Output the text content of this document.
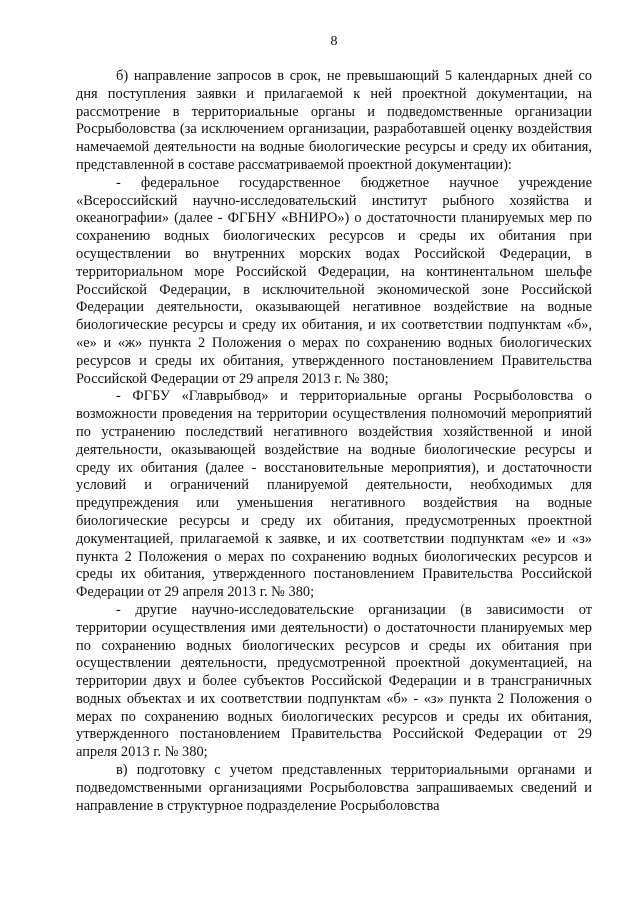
8

б) направление запросов в срок, не превышающий 5 календарных дней со дня поступления заявки и прилагаемой к ней проектной документации, на рассмотрение в территориальные органы и подведомственные организации Росрыболовства (за исключением организации, разработавшей оценку воздействия намечаемой деятельности на водные биологические ресурсы и среду их обитания, представленной в составе рассматриваемой проектной документации):

- федеральное государственное бюджетное научное учреждение «Всероссийский научно-исследовательский институт рыбного хозяйства и океанографии» (далее - ФГБНУ «ВНИРО») о достаточности планируемых мер по сохранению водных биологических ресурсов и среды их обитания при осуществлении во внутренних морских водах Российской Федерации, в территориальном море Российской Федерации, на континентальном шельфе Российской Федерации, в исключительной экономической зоне Российской Федерации деятельности, оказывающей негативное воздействие на водные биологические ресурсы и среду их обитания, и их соответствии подпунктам «б», «е» и «ж» пункта 2 Положения о мерах по сохранению водных биологических ресурсов и среды их обитания, утвержденного постановлением Правительства Российской Федерации от 29 апреля 2013 г. № 380;

- ФГБУ «Главрыбвод» и территориальные органы Росрыболовства о возможности проведения на территории осуществления полномочий мероприятий по устранению последствий негативного воздействия хозяйственной и иной деятельности, оказывающей воздействие на водные биологические ресурсы и среду их обитания (далее - восстановительные мероприятия), и достаточности условий и ограничений планируемой деятельности, необходимых для предупреждения или уменьшения негативного воздействия на водные биологические ресурсы и среду их обитания, предусмотренных проектной документацией, прилагаемой к заявке, и их соответствии подпунктам «е» и «з» пункта 2 Положения о мерах по сохранению водных биологических ресурсов и среды их обитания, утвержденного постановлением Правительства Российской Федерации от 29 апреля 2013 г. № 380;

- другие научно-исследовательские организации (в зависимости от территории осуществления ими деятельности) о достаточности планируемых мер по сохранению водных биологических ресурсов и среды их обитания при осуществлении деятельности, предусмотренной проектной документацией, на территории двух и более субъектов Российской Федерации и в трансграничных водных объектах и их соответствии подпунктам «б» - «з» пункта 2 Положения о мерах по сохранению водных биологических ресурсов и среды их обитания, утвержденного постановлением Правительства Российской Федерации от 29 апреля 2013 г. № 380;

в) подготовку с учетом представленных территориальными органами и подведомственными организациями Росрыболовства запрашиваемых сведений и направление в структурное подразделение Росрыболовства
